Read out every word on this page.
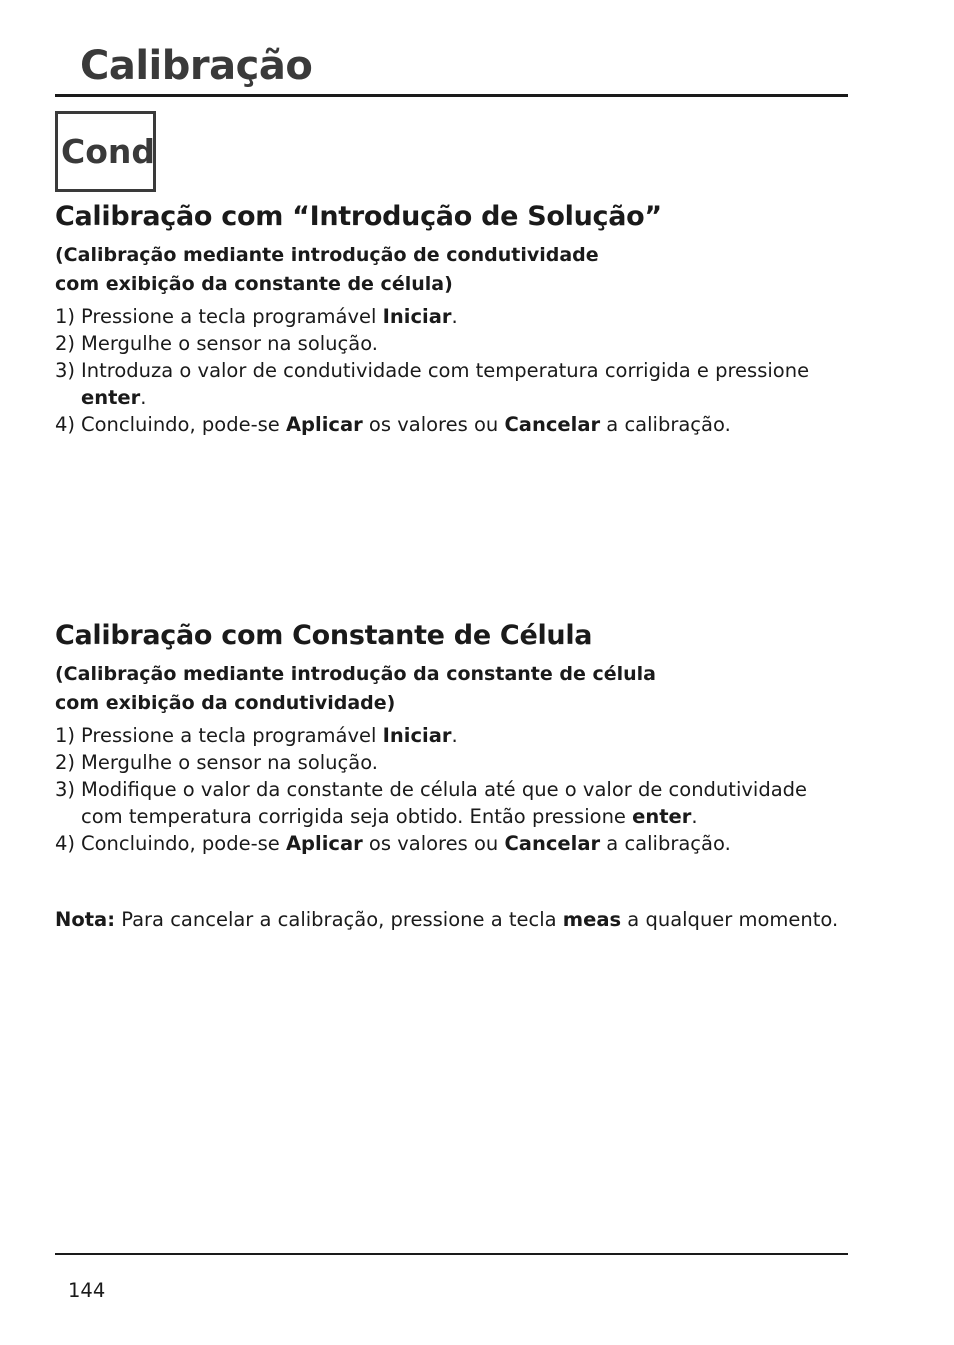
Calibração
Cond
Calibração com “Introdução de Solução”
(Calibração mediante introdução de condutividade
com exibição da constante de célula)
1) Pressione a tecla programável Iniciar.
2) Mergulhe o sensor na solução.
3) Introduza o valor de condutividade com temperatura corrigida e pressione enter.
4) Concluindo, pode-se Aplicar os valores ou Cancelar a calibração.
Calibração com Constante de Célula
(Calibração mediante introdução da constante de célula
com exibição da condutividade)
1) Pressione a tecla programável Iniciar.
2) Mergulhe o sensor na solução.
3) Modifique o valor da constante de célula até que o valor de condutividade com temperatura corrigida seja obtido. Então pressione enter.
4) Concluindo, pode-se Aplicar os valores ou Cancelar a calibração.
Nota: Para cancelar a calibração, pressione a tecla meas a qualquer momento.
144
